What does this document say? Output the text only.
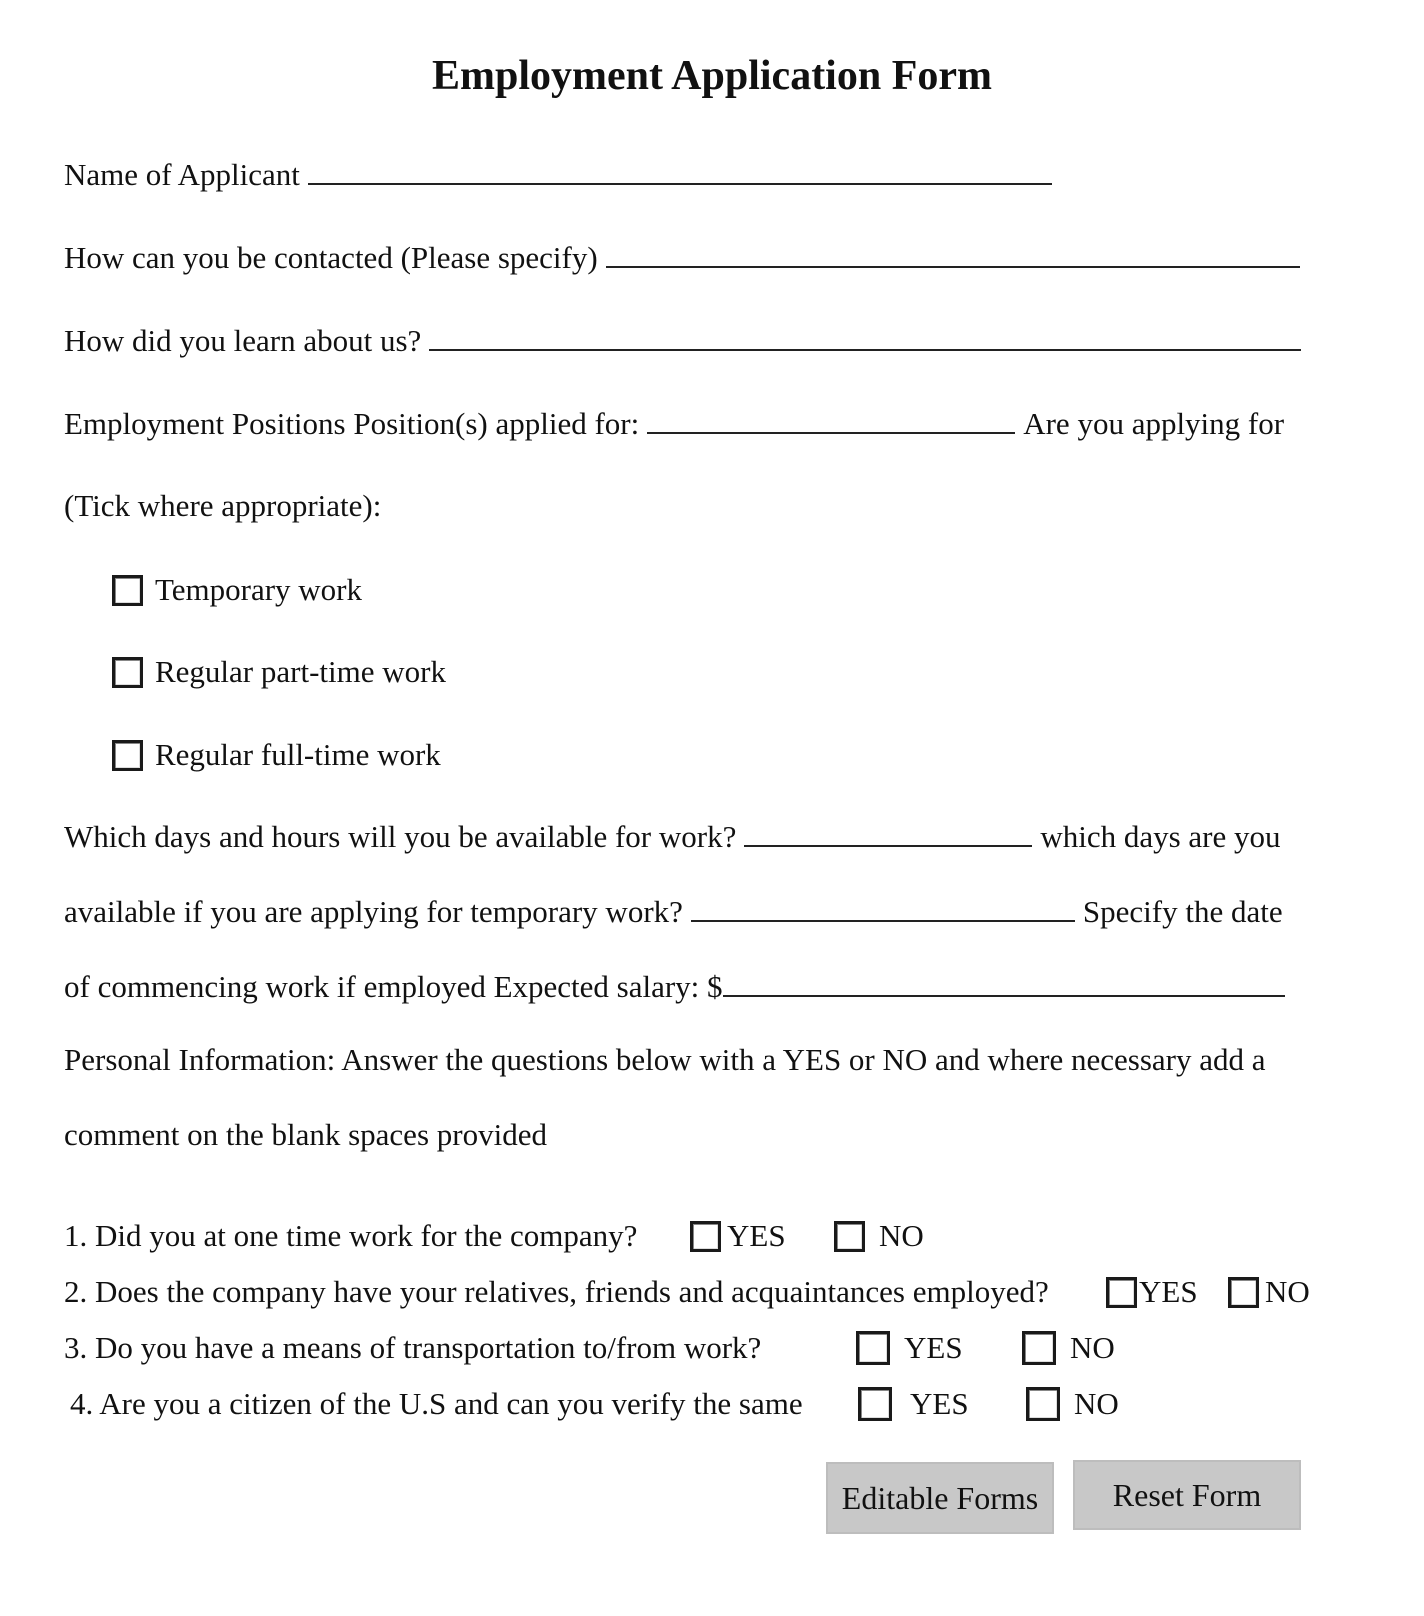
Employment Application Form
Name of Applicant
How can you be contacted (Please specify)
How did you learn about us?
Employment Positions Position(s) applied for:	Are you applying for
(Tick where appropriate):
Temporary work
Regular part-time work
Regular full-time work
Which days and hours will you be available for work?	which days are you
available if you are applying for temporary work?	Specify the date
of commencing work if employed Expected salary: $
Personal Information: Answer the questions below with a YES or NO and where necessary add a
comment on the blank spaces provided
1. Did you at one time work for the company?	YES	NO
2. Does the company have your relatives, friends and acquaintances employed?	YES NO
3. Do you have a means of transportation to/from work?	YES	NO
4. Are you a citizen of the U.S and can you verify the same	YES	NO
Editable Forms	Reset Form
